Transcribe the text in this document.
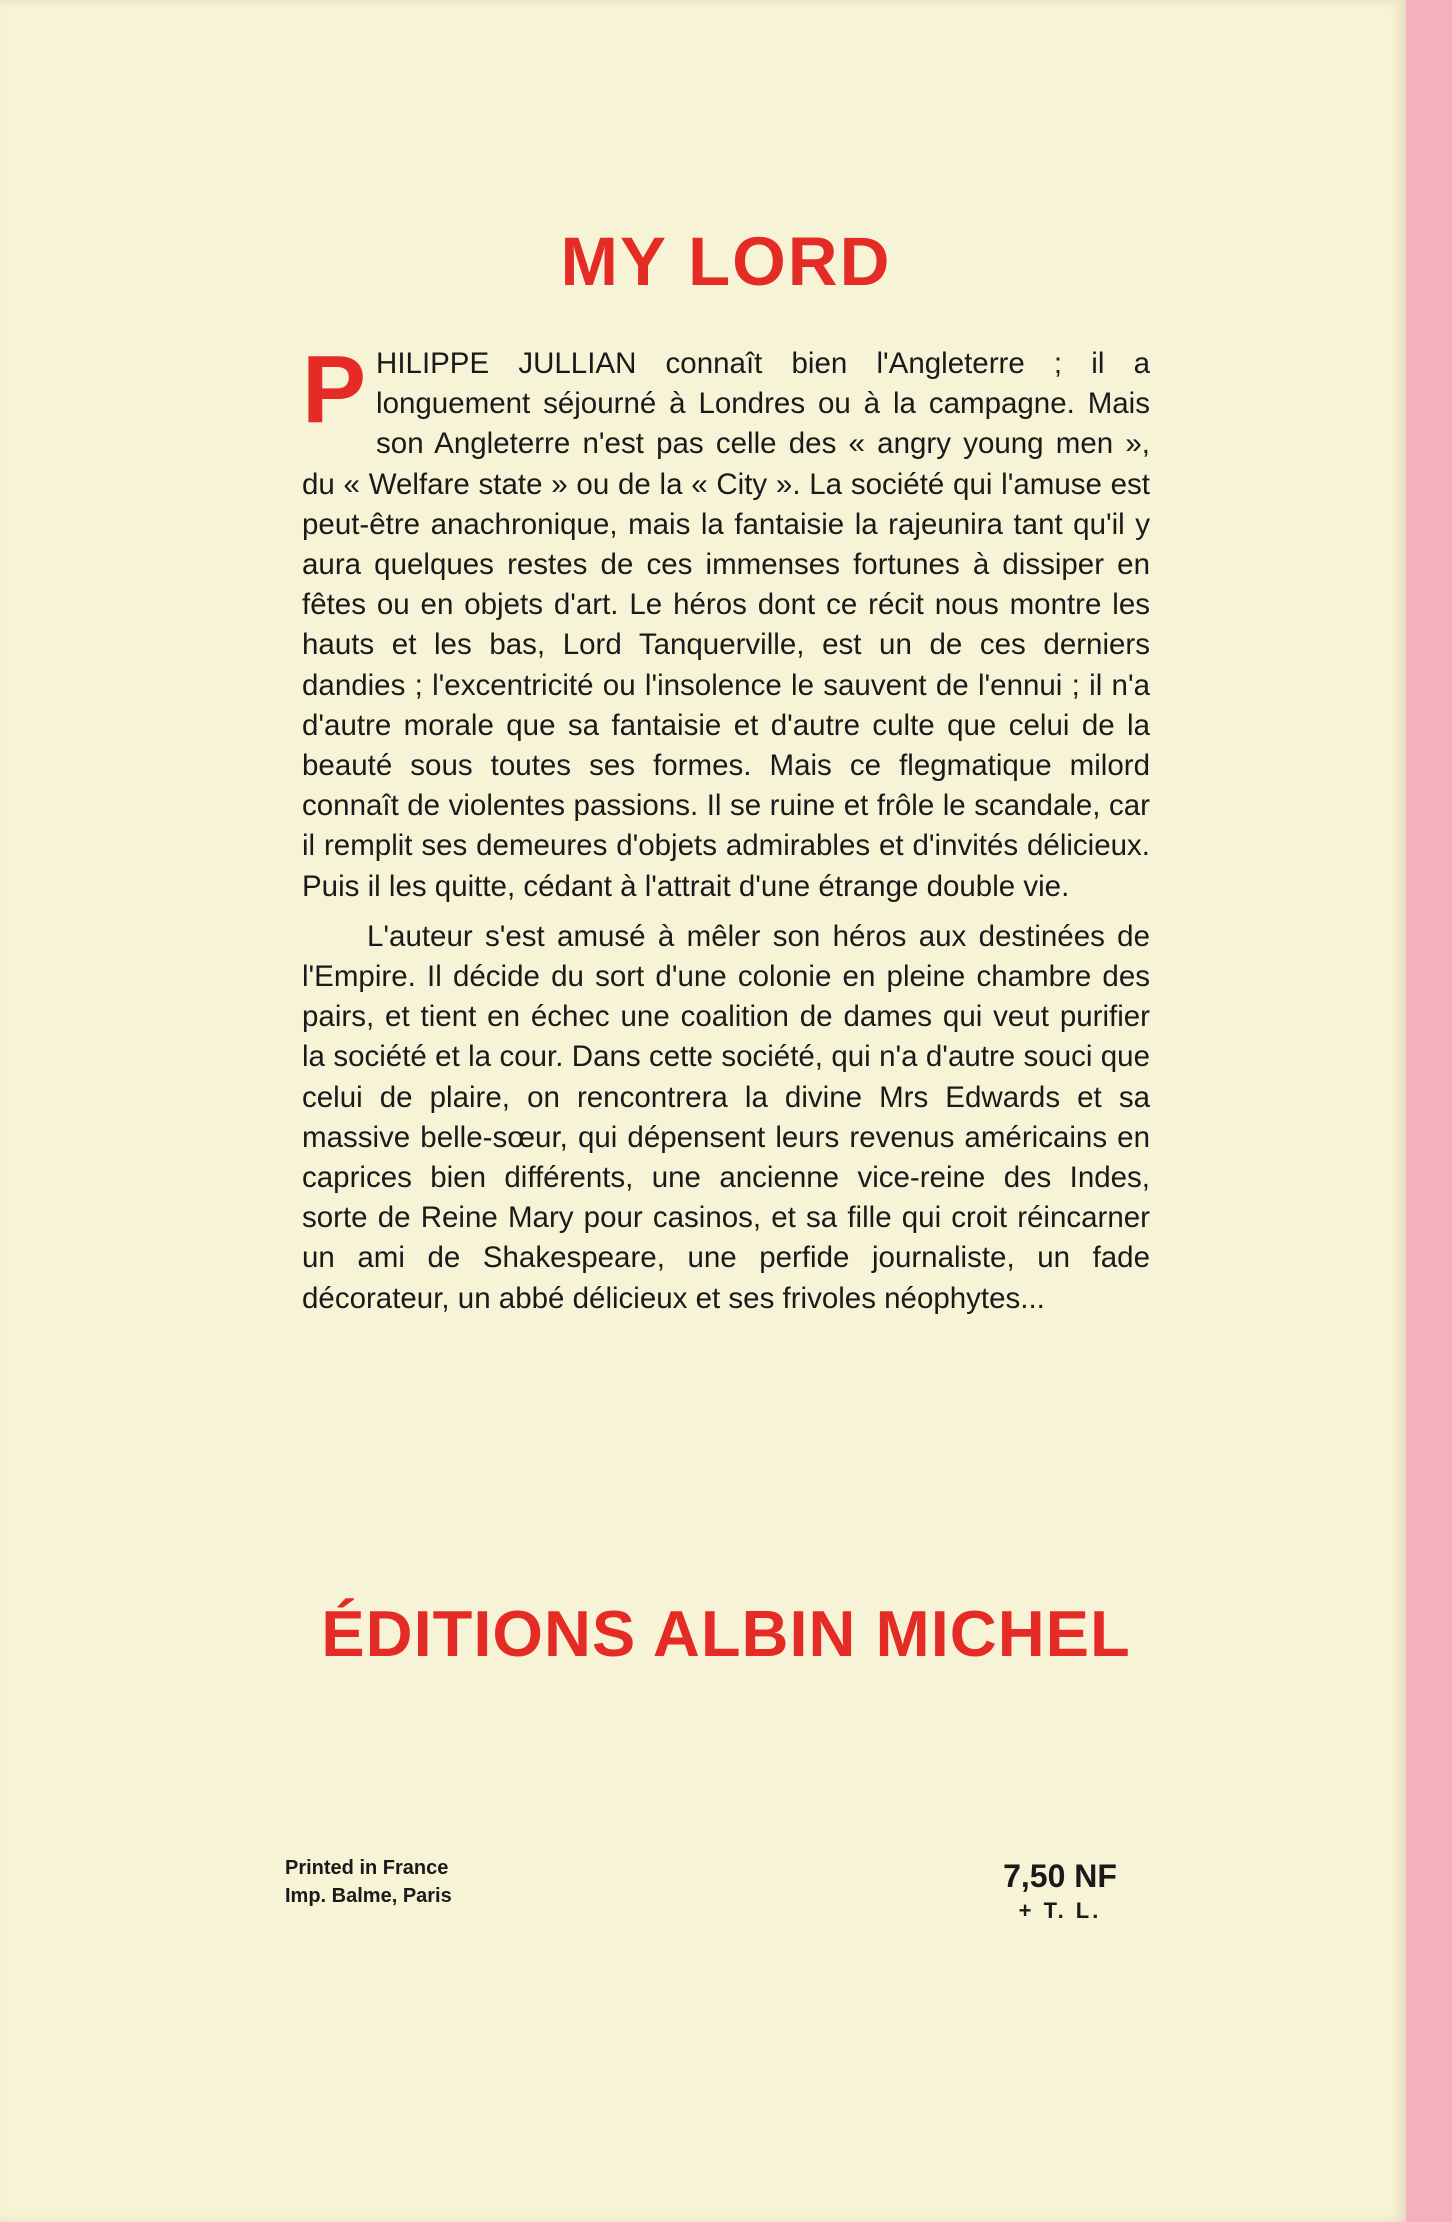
MY LORD

PHILIPPE JULLIAN connaît bien l'Angleterre ; il a longuement séjourné à Londres ou à la campagne. Mais son Angleterre n'est pas celle des « angry young men », du « Welfare state » ou de la « City ». La société qui l'amuse est peut-être anachronique, mais la fantaisie la rajeunira tant qu'il y aura quelques restes de ces immenses fortunes à dissiper en fêtes ou en objets d'art. Le héros dont ce récit nous montre les hauts et les bas, Lord Tanquerville, est un de ces derniers dandies ; l'excentricité ou l'insolence le sauvent de l'ennui ; il n'a d'autre morale que sa fantaisie et d'autre culte que celui de la beauté sous toutes ses formes. Mais ce flegmatique milord connaît de violentes passions. Il se ruine et frôle le scandale, car il remplit ses demeures d'objets admirables et d'invités délicieux. Puis il les quitte, cédant à l'attrait d'une étrange double vie.

L'auteur s'est amusé à mêler son héros aux destinées de l'Empire. Il décide du sort d'une colonie en pleine chambre des pairs, et tient en échec une coalition de dames qui veut purifier la société et la cour. Dans cette société, qui n'a d'autre souci que celui de plaire, on rencontrera la divine Mrs Edwards et sa massive belle-sœur, qui dépensent leurs revenus américains en caprices bien différents, une ancienne vice-reine des Indes, sorte de Reine Mary pour casinos, et sa fille qui croit réincarner un ami de Shakespeare, une perfide journaliste, un fade décorateur, un abbé délicieux et ses frivoles néophytes...

ÉDITIONS ALBIN MICHEL
Printed in France
Imp. Balme, Paris
7,50 NF
+ T. L.
